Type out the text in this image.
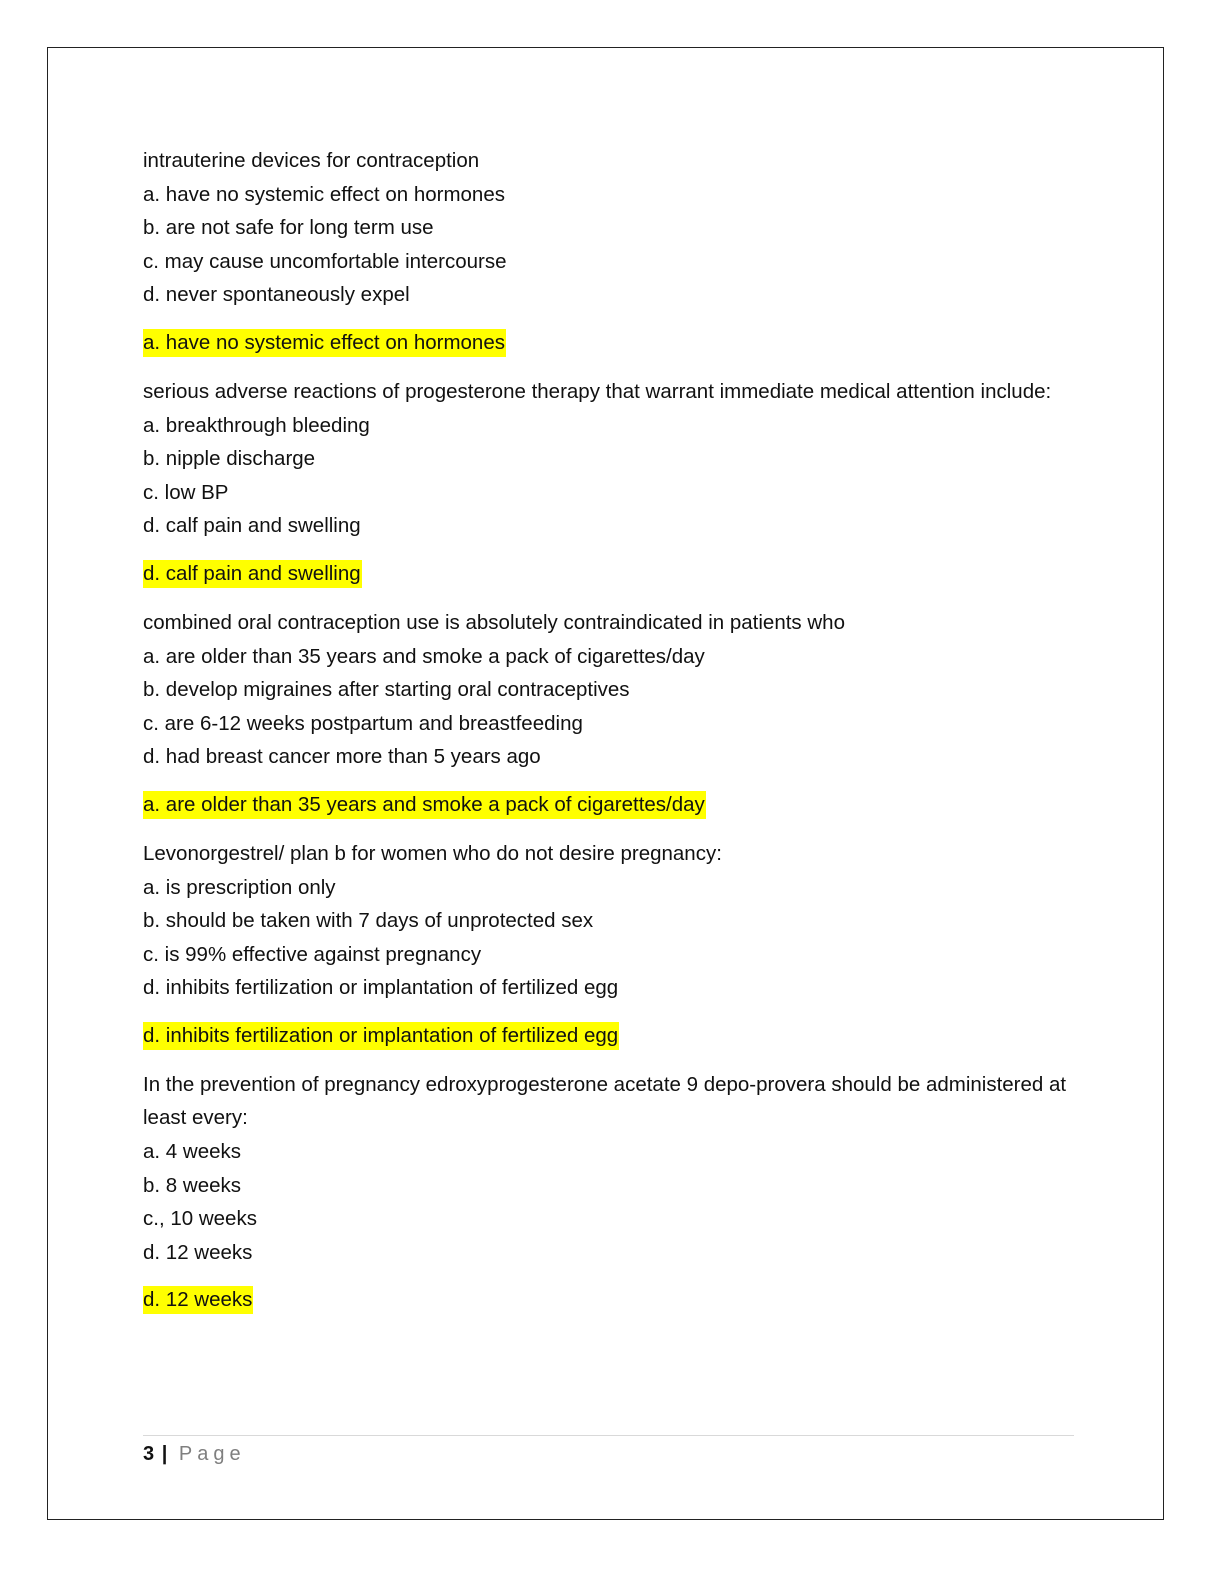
intrauterine devices for contraception
a. have no systemic effect on hormones
b. are not safe for long term use
c. may cause uncomfortable intercourse
d. never spontaneously expel
a. have no systemic effect on hormones
serious adverse reactions of progesterone therapy that warrant immediate medical attention include:
a. breakthrough bleeding
b. nipple discharge
c. low BP
d. calf pain and swelling
d. calf pain and swelling
combined oral contraception use is absolutely contraindicated in patients who
a. are older than 35 years and smoke a pack of cigarettes/day
b. develop migraines after starting oral contraceptives
c. are 6-12 weeks postpartum and breastfeeding
d. had breast cancer more than 5 years ago
a. are older than 35 years and smoke a pack of cigarettes/day
Levonorgestrel/ plan b for women who do not desire pregnancy:
a. is prescription only
b. should be taken with 7 days of unprotected sex
c. is 99% effective against pregnancy
d. inhibits fertilization or implantation of fertilized egg
d. inhibits fertilization or implantation of fertilized egg
In the prevention of pregnancy edroxyprogesterone acetate 9 depo-provera should be administered at least every:
a. 4 weeks
b. 8 weeks
c., 10 weeks
d. 12 weeks
d. 12 weeks
3 | Page
